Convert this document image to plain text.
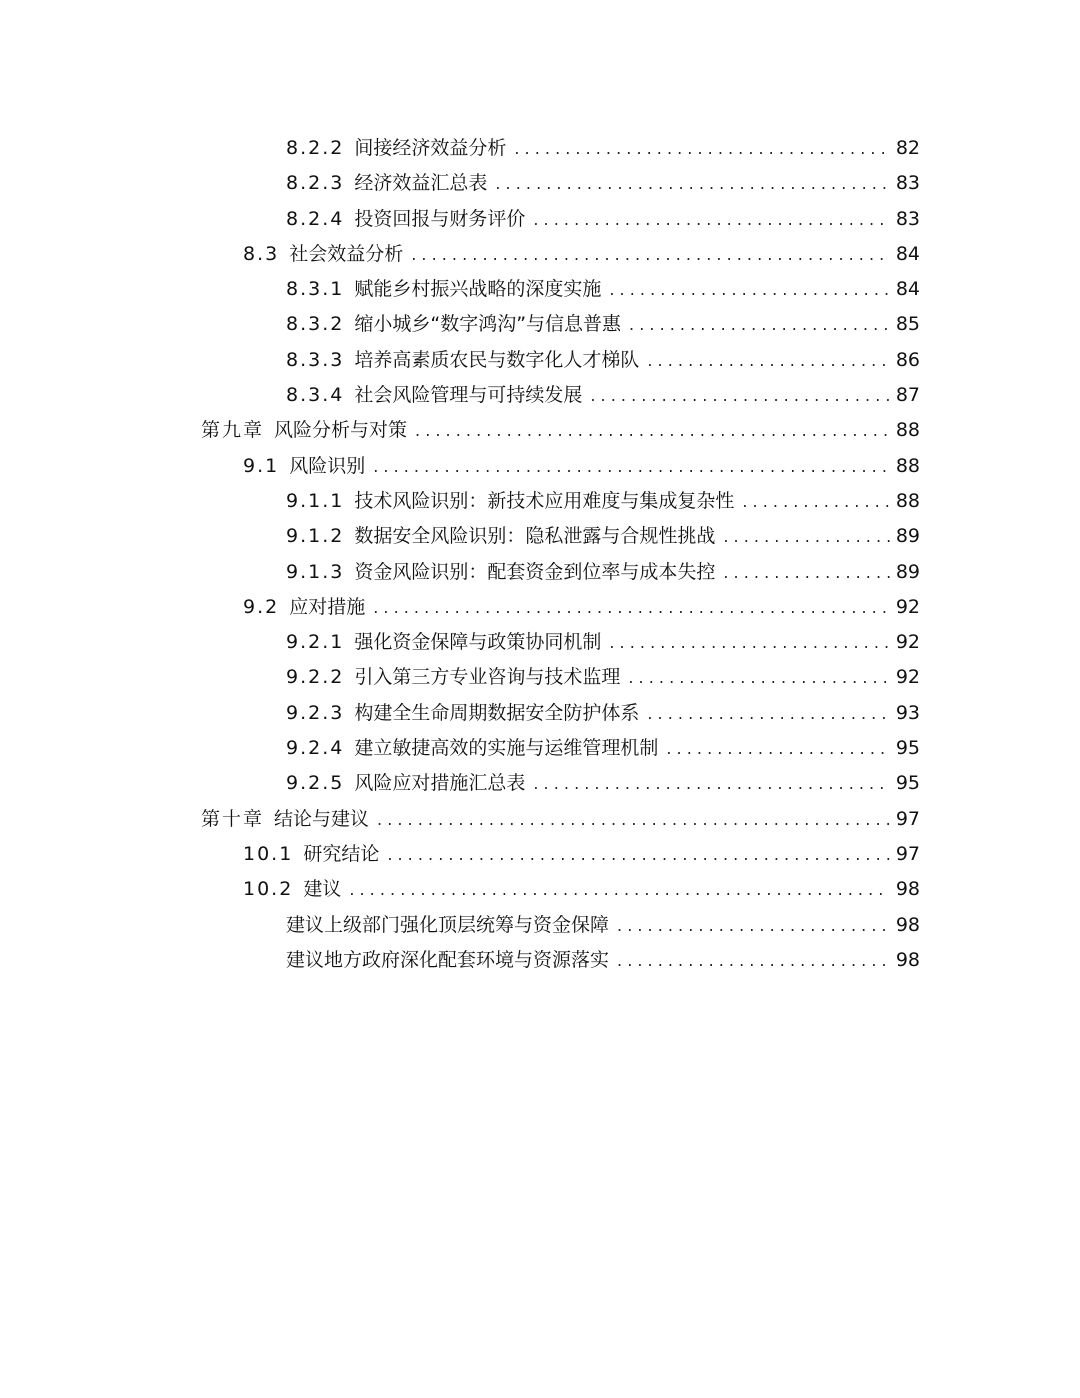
8.2.2 间接经济效益分析 . . .	82
8.2.3 经济效益汇总表 . . .	83
8.2.4 投资回报与财务评价 . . .	83
8.3 社会效益分析 . . .	84
8.3.1 赋能乡村振兴战略的深度实施 . . .	84
8.3.2 缩小城乡“数字鸿沟”与信息普惠 . . .	85
8.3.3 培养高素质农民与数字化人才梯队 . . .	86
8.3.4 社会风险管理与可持续发展 . . .	87
第九章 风险分析与对策 . . .	88
9.1 风险识别 . . .	88
9.1.1 技术风险识别：新技术应用难度与集成复杂性 . . .	88
9.1.2 数据安全风险识别：隐私泄露与合规性挑战 . . .	89
9.1.3 资金风险识别：配套资金到位率与成本失控 . . .	89
9.2 应对措施 . . .	92
9.2.1 强化资金保障与政策协同机制 . . .	92
9.2.2 引入第三方专业咨询与技术监理 . . .	92
9.2.3 构建全生命周期数据安全防护体系 . . .	93
9.2.4 建立敏捷高效的实施与运维管理机制 . . .	95
9.2.5 风险应对措施汇总表 . . .	95
第十章 结论与建议 . . .	97
10.1 研究结论 . . .	97
10.2 建议 . . .	98
建议上级部门强化顶层统筹与资金保障 . . .	98
建议地方政府深化配套环境与资源落实 . . .	98
